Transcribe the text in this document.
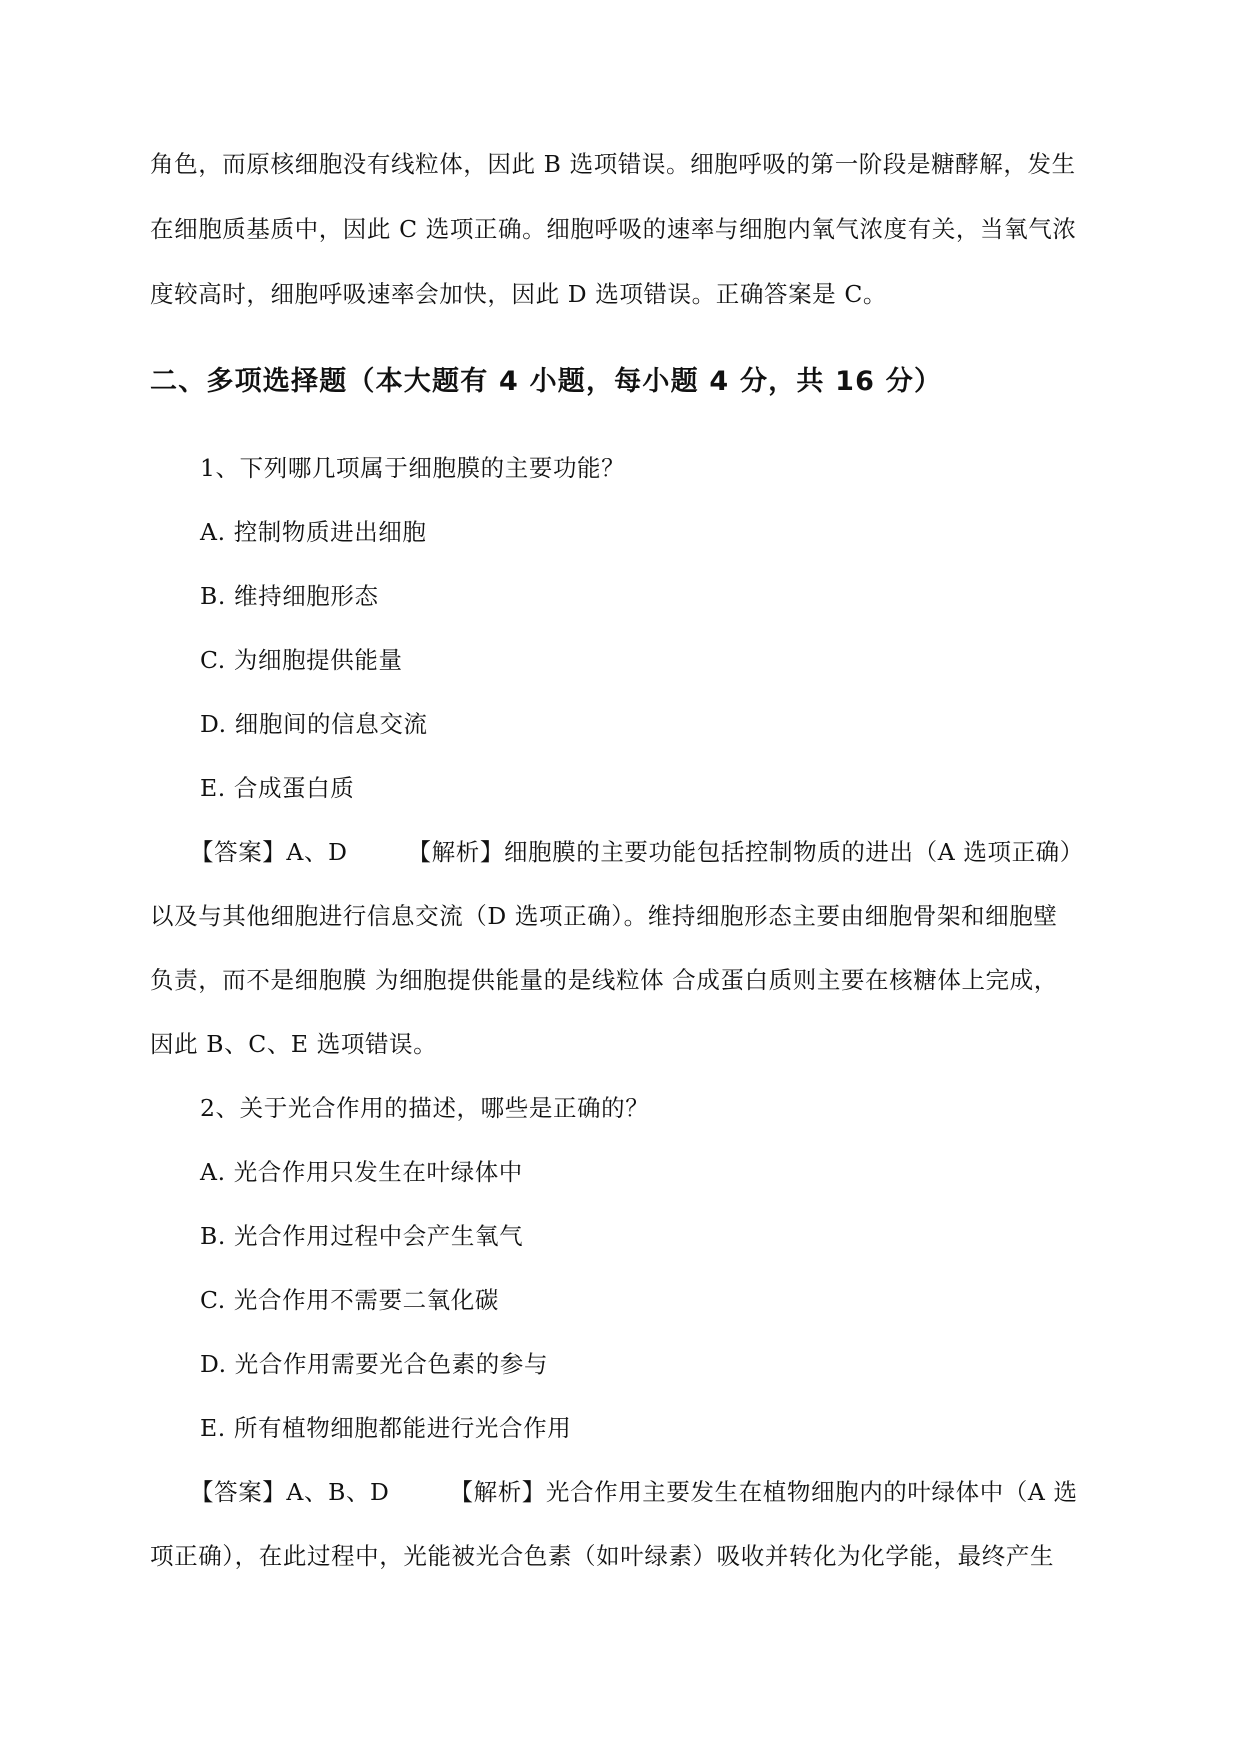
角色，而原核细胞没有线粒体，因此 B 选项错误。细胞呼吸的第一阶段是糖酵解，发生
在细胞质基质中，因此 C 选项正确。细胞呼吸的速率与细胞内氧气浓度有关，当氧气浓
度较高时，细胞呼吸速率会加快，因此 D 选项错误。正确答案是 C。
二、多项选择题（本大题有 4 小题，每小题 4 分，共 16 分）
1、下列哪几项属于细胞膜的主要功能？
A. 控制物质进出细胞
B. 维持细胞形态
C. 为细胞提供能量
D. 细胞间的信息交流
E. 合成蛋白质
【答案】A、D	【解析】细胞膜的主要功能包括控制物质的进出（A 选项正确）
以及与其他细胞进行信息交流（D 选项正确）。维持细胞形态主要由细胞骨架和细胞壁
负责，而不是细胞膜 为细胞提供能量的是线粒体 合成蛋白质则主要在核糖体上完成，
因此 B、C、E 选项错误。
2、关于光合作用的描述，哪些是正确的？
A. 光合作用只发生在叶绿体中
B. 光合作用过程中会产生氧气
C. 光合作用不需要二氧化碳
D. 光合作用需要光合色素的参与
E. 所有植物细胞都能进行光合作用
【答案】A、B、D	【解析】光合作用主要发生在植物细胞内的叶绿体中（A 选
项正确），在此过程中，光能被光合色素（如叶绿素）吸收并转化为化学能，最终产生
